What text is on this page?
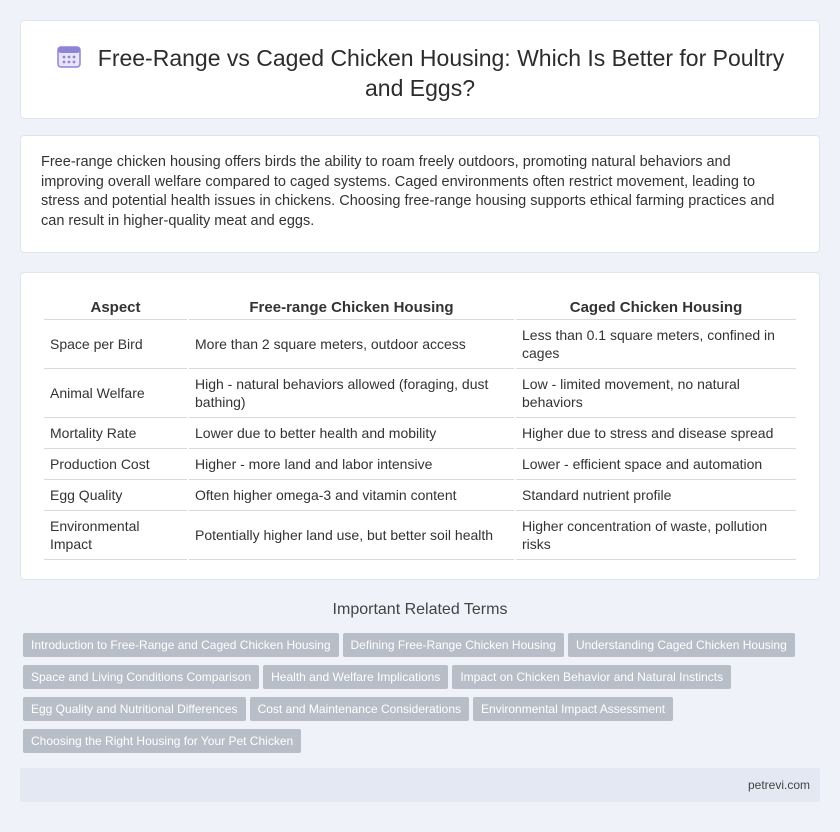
Free-Range vs Caged Chicken Housing: Which Is Better for Poultry and Eggs?

Free-range chicken housing offers birds the ability to roam freely outdoors, promoting natural behaviors and improving overall welfare compared to caged systems. Caged environments often restrict movement, leading to stress and potential health issues in chickens. Choosing free-range housing supports ethical farming practices and can result in higher-quality meat and eggs.

Aspect	Free-range Chicken Housing	Caged Chicken Housing
Space per Bird	More than 2 square meters, outdoor access	Less than 0.1 square meters, confined in cages
Animal Welfare	High - natural behaviors allowed (foraging, dust bathing)	Low - limited movement, no natural behaviors
Mortality Rate	Lower due to better health and mobility	Higher due to stress and disease spread
Production Cost	Higher - more land and labor intensive	Lower - efficient space and automation
Egg Quality	Often higher omega-3 and vitamin content	Standard nutrient profile
Environmental Impact	Potentially higher land use, but better soil health	Higher concentration of waste, pollution risks
Important Related Terms
Introduction to Free-Range and Caged Chicken Housing Defining Free-Range Chicken Housing Understanding Caged Chicken HousingSpace and Living Conditions Comparison Health and Welfare Implications Impact on Chicken Behavior and Natural InstinctsEgg Quality and Nutritional Differences Cost and Maintenance Considerations Environmental Impact AssessmentChoosing the Right Housing for Your Pet Chicken
petrevi.com
